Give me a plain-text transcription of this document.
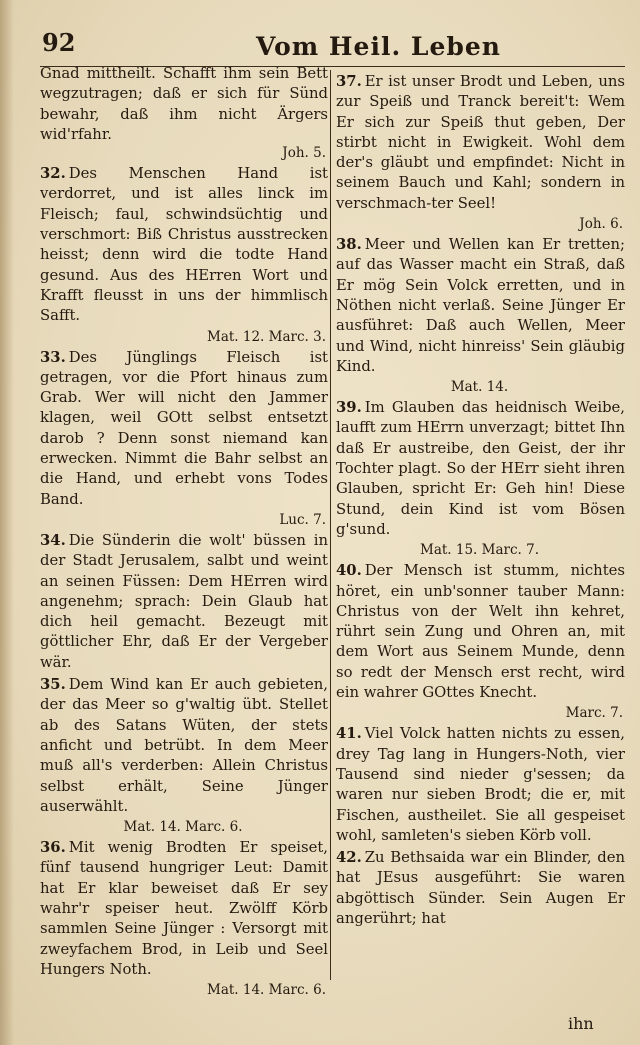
92	Vom Heil. Leben

Gnad mittheilt. Schafft ihm sein Bett wegzutragen; daß er sich für Sünd bewahr, daß ihm nicht Ärgers wid'rfahr.

Joh. 5.

32. Des Menschen Hand ist verdorret, und ist alles linck im Fleisch; faul, schwindsüchtig und verschmort: Biß Christus ausstrecken heisst; denn wird die todte Hand gesund. Aus des HErren Wort und Krafft fleusst in uns der himmlisch Safft.

Mat. 12. Marc. 3.

33. Des Jünglings Fleisch ist getragen, vor die Pfort hinaus zum Grab. Wer will nicht den Jammer klagen, weil GOtt selbst entsetzt darob ? Denn sonst niemand kan erwecken. Nimmt die Bahr selbst an die Hand, und erhebt vons Todes Band.

Luc. 7.

34. Die Sünderin die wolt' büssen in der Stadt Jerusalem, salbt und weint an seinen Füssen: Dem HErren wird angenehm; sprach: Dein Glaub hat dich heil gemacht. Bezeugt mit göttlicher Ehr, daß Er der Vergeber wär.

35. Dem Wind kan Er auch gebieten, der das Meer so g'waltig übt. Stellet ab des Satans Wüten, der stets anficht und betrübt. In dem Meer muß all's verderben: Allein Christus selbst erhält, Seine Jünger auserwählt.

Mat. 14. Marc. 6.

36. Mit wenig Brodten Er speiset, fünf tausend hungriger Leut: Damit hat Er klar beweiset daß Er sey wahr'r speiser heut. Zwölff Körb sammlen Seine Jünger : Versorgt mit zweyfachem Brod, in Leib und Seel Hungers Noth.

Mat. 14. Marc. 6.

37. Er ist unser Brodt und Leben, uns zur Speiß und Tranck bereit't: Wem Er sich zur Speiß thut geben, Der stirbt nicht in Ewigkeit. Wohl dem der's gläubt und empfindet: Nicht in seinem Bauch und Kahl; sondern in verschmach-ter Seel!

Joh. 6.

38. Meer und Wellen kan Er tretten; auf das Wasser macht ein Straß, daß Er mög Sein Volck erretten, und in Nöthen nicht verlaß. Seine Jünger Er ausführet: Daß auch Wellen, Meer und Wind, nicht hinreiss' Sein gläubig Kind.

Mat. 14.

39. Im Glauben das heidnisch Weibe, laufft zum HErrn unverzagt; bittet Ihn daß Er austreibe, den Geist, der ihr Tochter plagt. So der HErr sieht ihren Glauben, spricht Er: Geh hin! Diese Stund, dein Kind ist vom Bösen g'sund.

Mat. 15. Marc. 7.

40. Der Mensch ist stumm, nichtes höret, ein unb'sonner tauber Mann: Christus von der Welt ihn kehret, rührt sein Zung und Ohren an, mit dem Wort aus Seinem Munde, denn so redt der Mensch erst recht, wird ein wahrer GOttes Knecht.

Marc. 7.

41. Viel Volck hatten nichts zu essen, drey Tag lang in Hungers-Noth, vier Tausend sind nieder g'sessen; da waren nur sieben Brodt; die er, mit Fischen, austheilet. Sie all gespeiset wohl, samleten's sieben Körb voll.

42. Zu Bethsaida war ein Blinder, den hat JEsus ausgeführt: Sie waren abgöttisch Sünder. Sein Augen Er angerührt; hat

ihn
